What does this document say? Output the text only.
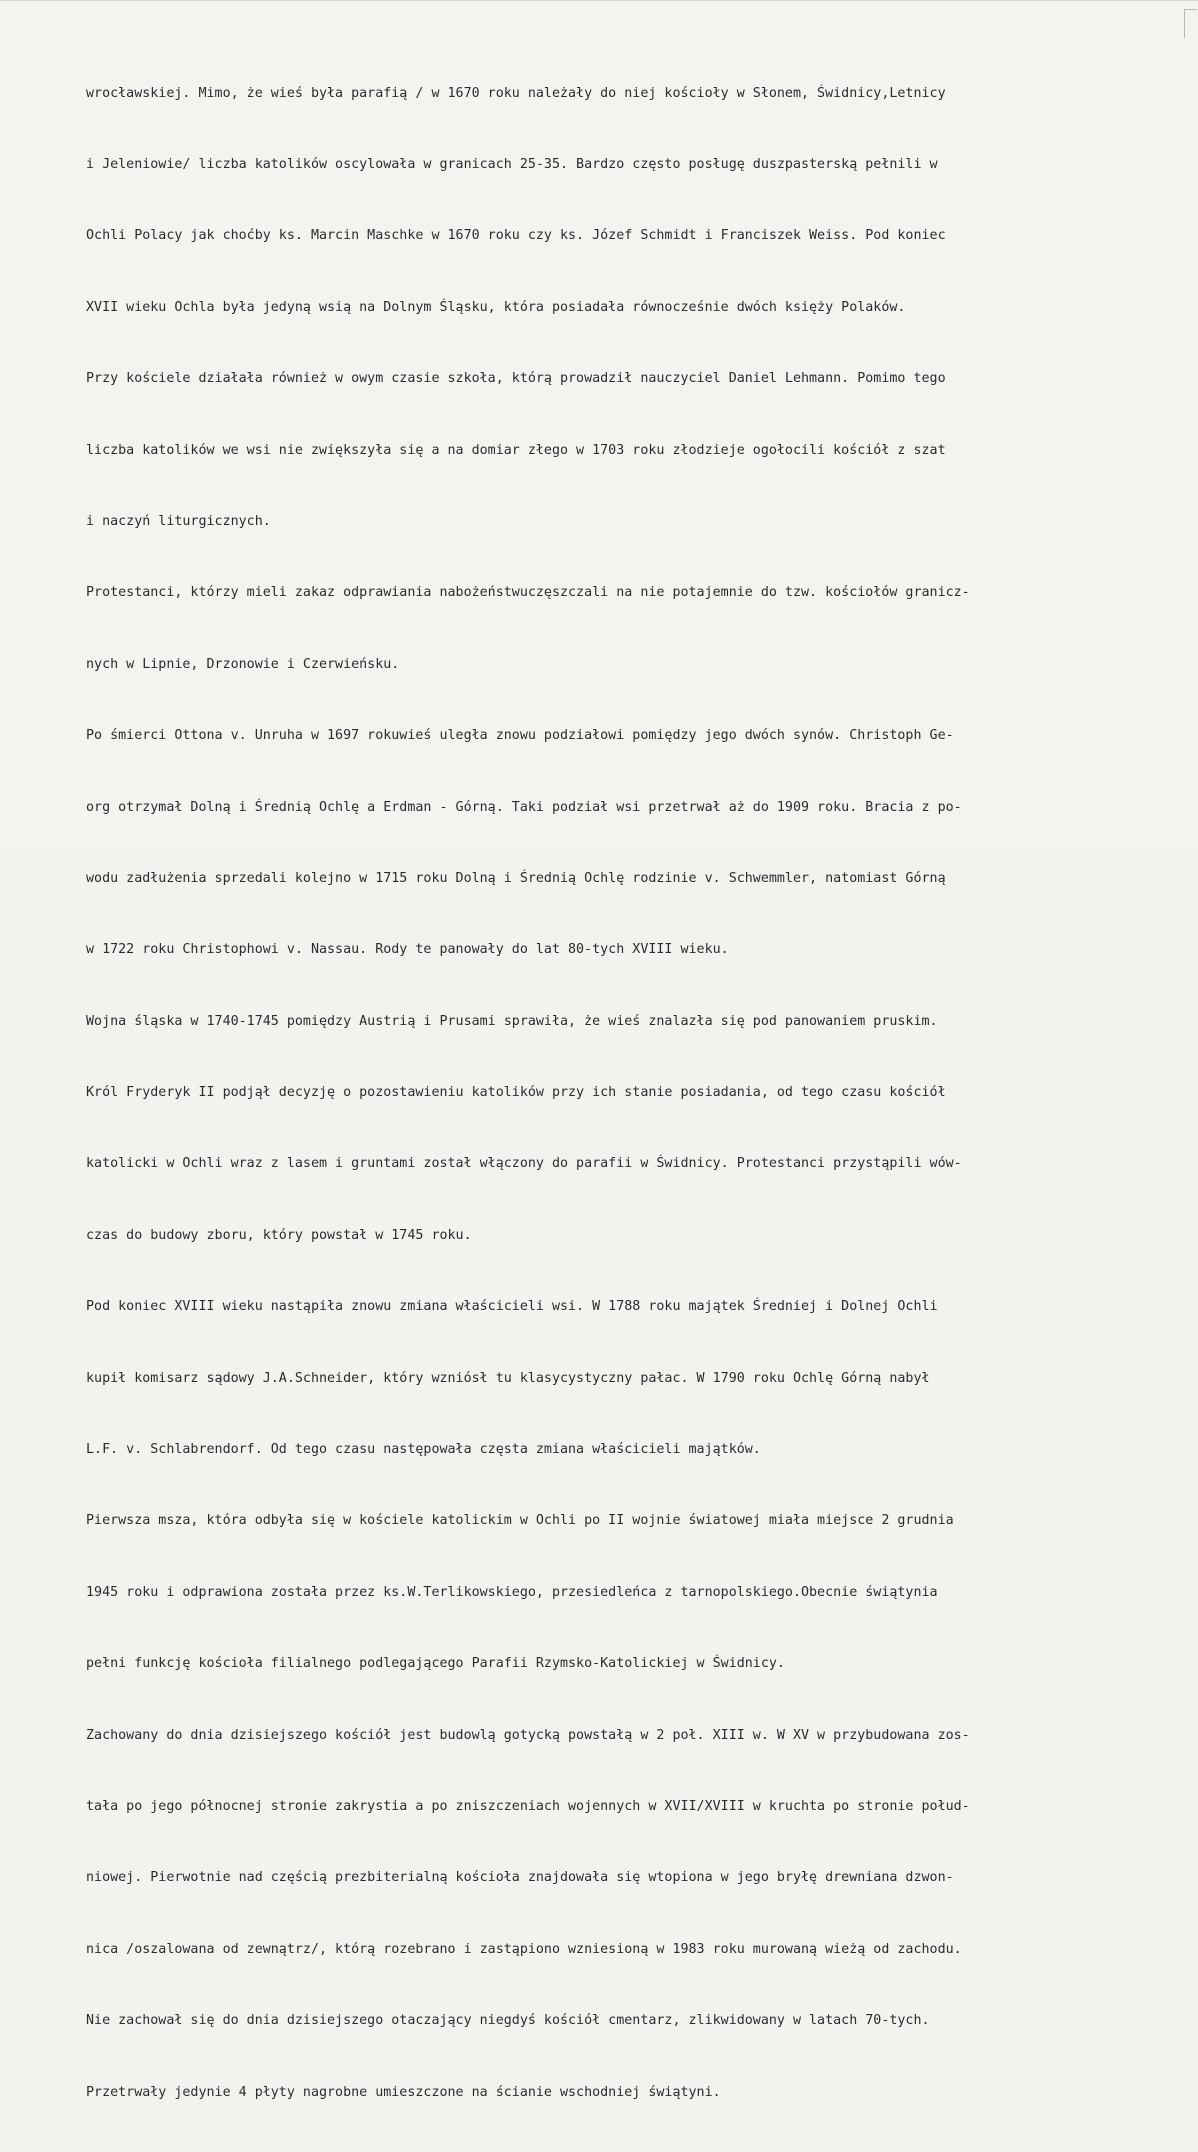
wrocławskiej. Mimo, że wieś była parafią / w 1670 roku należały do niej kościoły w Słonem, Świdnicy,Letnicy

i Jeleniowie/ liczba katolików oscylowała w granicach 25-35. Bardzo często posługę duszpasterską pełnili w

Ochli Polacy jak choćby ks. Marcin Maschke w 1670 roku czy ks. Józef Schmidt i Franciszek Weiss. Pod koniec

XVII wieku Ochla była jedyną wsią na Dolnym Śląsku, która posiadała równocześnie dwóch księży Polaków.

Przy kościele działała również w owym czasie szkoła, którą prowadził nauczyciel Daniel Lehmann. Pomimo tego

liczba katolików we wsi nie zwiększyła się a na domiar złego w 1703 roku złodzieje ogołocili kościół z szat

i naczyń liturgicznych.

Protestanci, którzy mieli zakaz odprawiania nabożeństwuczęszczali na nie potajemnie do tzw. kościołów granicz-

nych w Lipnie, Drzonowie i Czerwieńsku.

Po śmierci Ottona v. Unruha w 1697 rokuwieś uległa znowu podziałowi pomiędzy jego dwóch synów. Christoph Ge-

org otrzymał Dolną i Średnią Ochlę a Erdman - Górną. Taki podział wsi przetrwał aż do 1909 roku. Bracia z po-

wodu zadłużenia sprzedali kolejno w 1715 roku Dolną i Średnią Ochlę rodzinie v. Schwemmler, natomiast Górną

w 1722 roku Christophowi v. Nassau. Rody te panowały do lat 80-tych XVIII wieku.

Wojna śląska w 1740-1745 pomiędzy Austrią i Prusami sprawiła, że wieś znalazła się pod panowaniem pruskim.

Król Fryderyk II podjął decyzję o pozostawieniu katolików przy ich stanie posiadania, od tego czasu kościół

katolicki w Ochli wraz z lasem i gruntami został włączony do parafii w Świdnicy. Protestanci przystąpili wów-

czas do budowy zboru, który powstał w 1745 roku.

Pod koniec XVIII wieku nastąpiła znowu zmiana właścicieli wsi. W 1788 roku majątek Średniej i Dolnej Ochli

kupił komisarz sądowy J.A.Schneider, który wzniósł tu klasycystyczny pałac. W 1790 roku Ochlę Górną nabył

L.F. v. Schlabrendorf. Od tego czasu następowała częsta zmiana właścicieli majątków.

Pierwsza msza, która odbyła się w kościele katolickim w Ochli po II wojnie światowej miała miejsce 2 grudnia

1945 roku i odprawiona została przez ks.W.Terlikowskiego, przesiedleńca z tarnopolskiego.Obecnie świątynia

pełni funkcję kościoła filialnego podlegającego Parafii Rzymsko-Katolickiej w Świdnicy.

Zachowany do dnia dzisiejszego kościół jest budowlą gotycką powstałą w 2 poł. XIII w. W XV w przybudowana zos-

tała po jego północnej stronie zakrystia a po zniszczeniach wojennych w XVII/XVIII w kruchta po stronie połud-

niowej. Pierwotnie nad częścią prezbiterialną kościoła znajdowała się wtopiona w jego bryłę drewniana dzwon-

nica /oszalowana od zewnątrz/, którą rozebrano i zastąpiono wzniesioną w 1983 roku murowaną wieżą od zachodu.

Nie zachował się do dnia dzisiejszego otaczający niegdyś kościół cmentarz, zlikwidowany w latach 70-tych.

Przetrwały jedynie 4 płyty nagrobne umieszczone na ścianie wschodniej świątyni.
